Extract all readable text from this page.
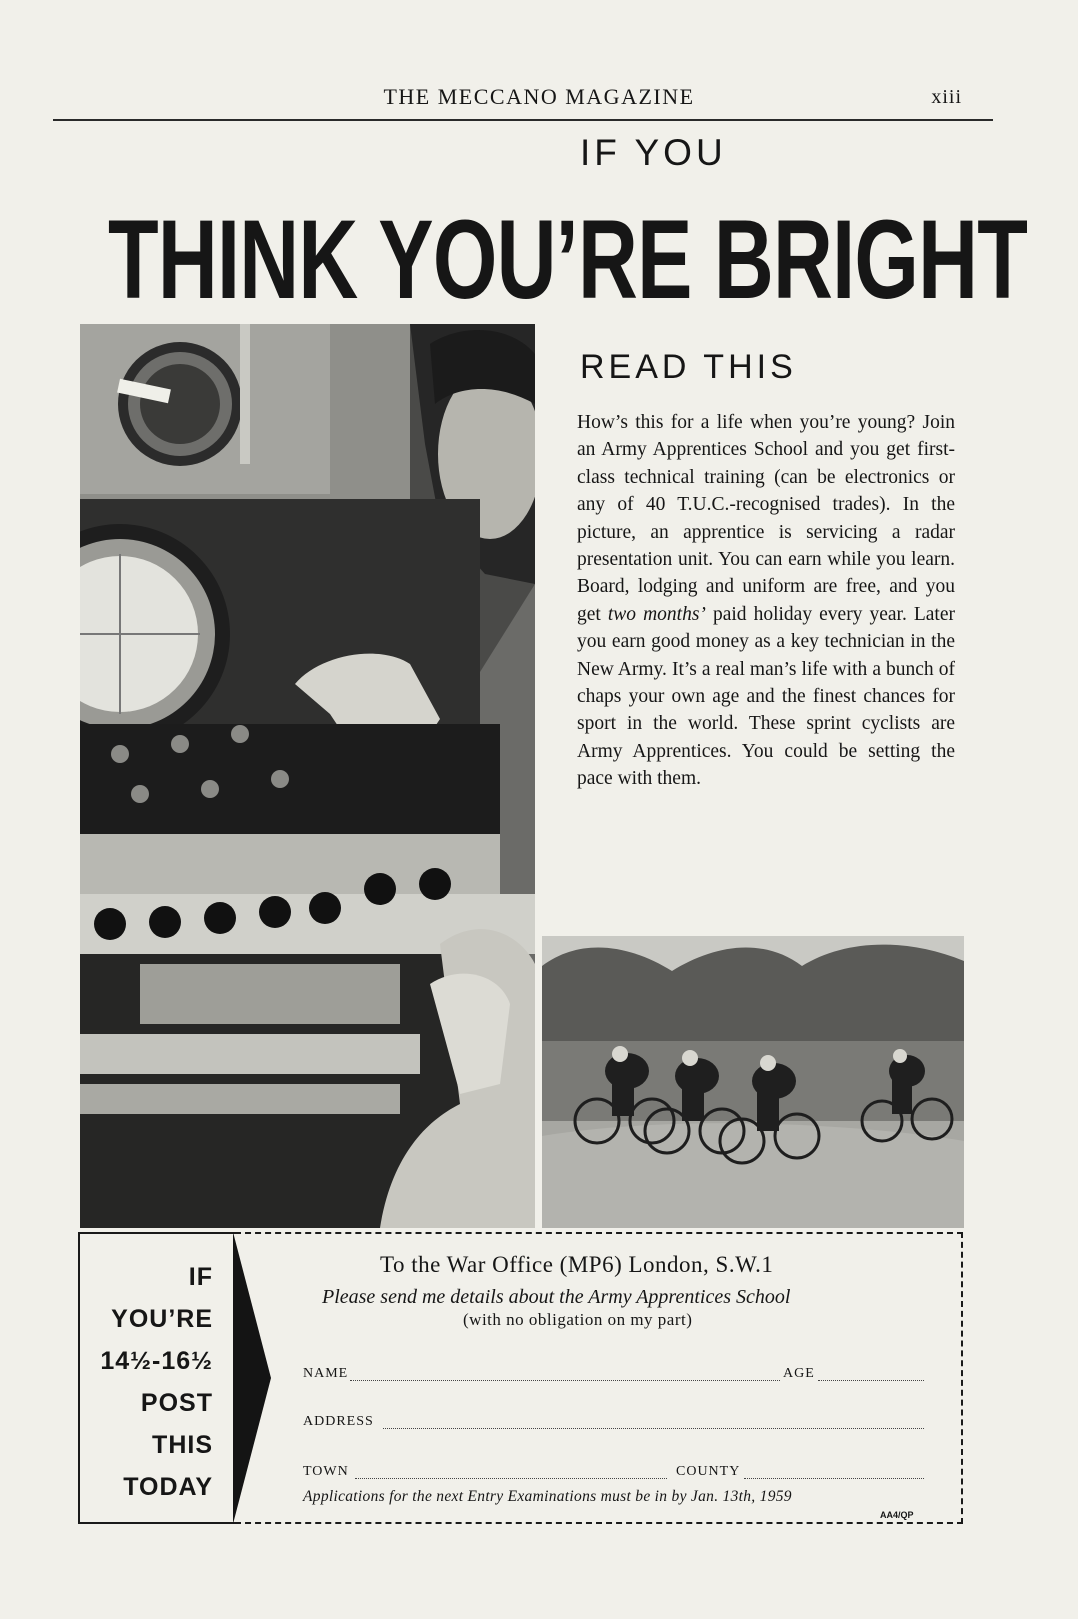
THE MECCANO MAGAZINE	xiii
IF YOU
THINK YOU’RE BRIGHT
READ THIS
How’s this for a life when you’re young? Join an Army Apprentices School and you get first-class technical training (can be electronics or any of 40 T.U.C.-recognised trades). In the picture, an apprentice is servicing a radar presentation unit. You can earn while you learn. Board, lodging and uniform are free, and you get two months’ paid holiday every year. Later you earn good money as a key technician in the New Army. It’s a real man’s life with a bunch of chaps your own age and the finest chances for sport in the world. These sprint cyclists are Army Apprentices. You could be setting the pace with them.
IF
YOU’RE
14½-16½
POST
THIS
TODAY
To the War Office (MP6) London, S.W.1
Please send me details about the Army Apprentices School
(with no obligation on my part)
NAME	AGE
ADDRESS
TOWN	COUNTY
Applications for the next Entry Examinations must be in by Jan. 13th, 1959
AA4/QP
